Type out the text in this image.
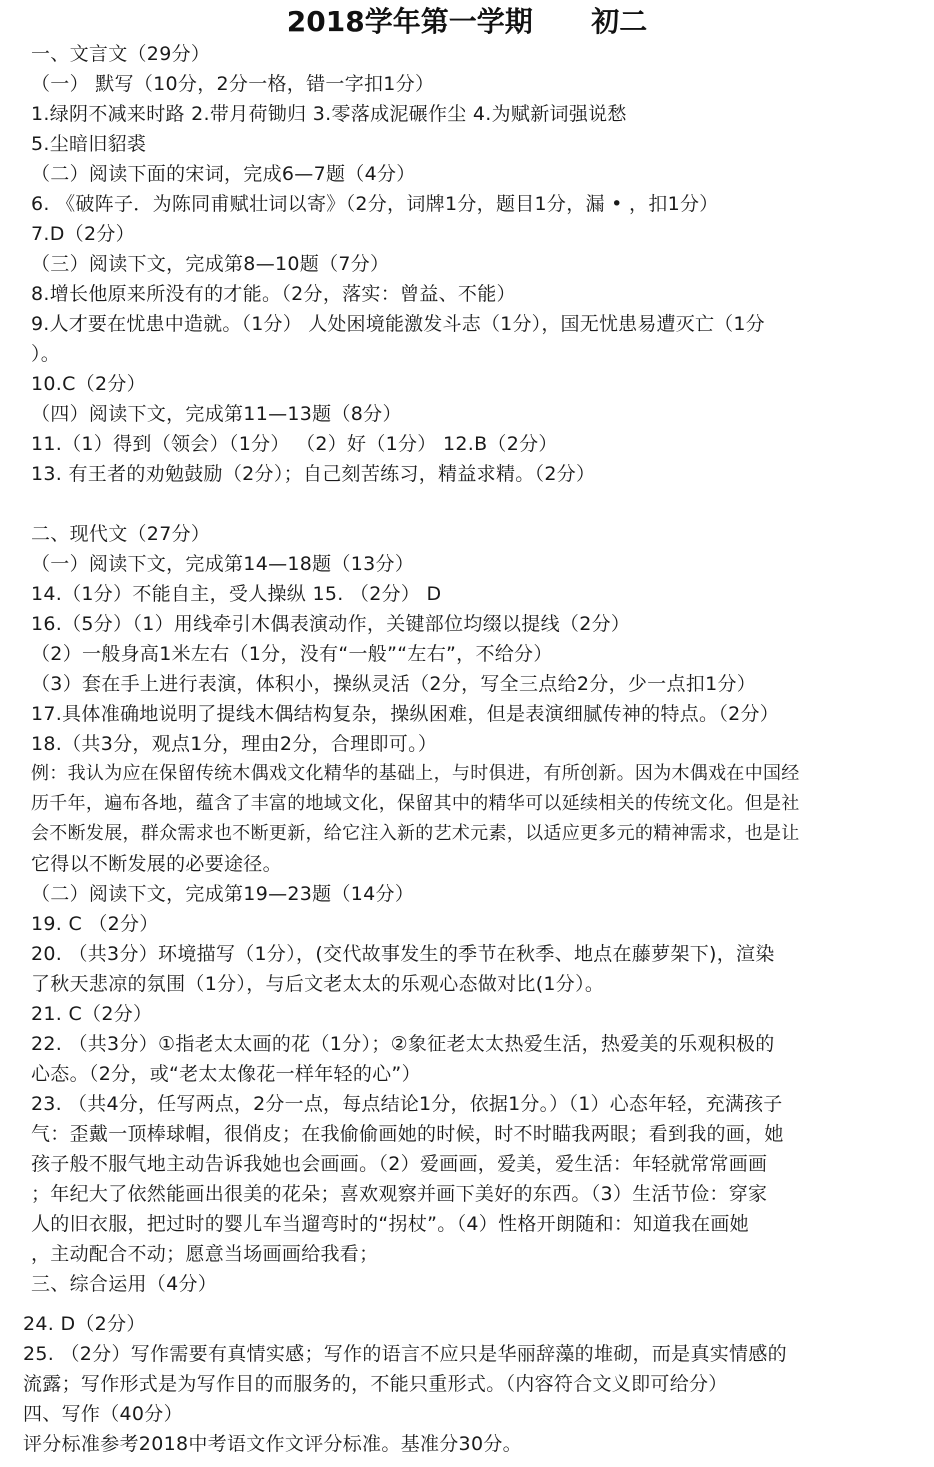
2018学年第一学期      初二
一、文言文（29分）
（一） 默写（10分，2分一格，错一字扣1分）
1.绿阴不减来时路 2.带月荷锄归 3.零落成泥碾作尘 4.为赋新词强说愁
5.尘暗旧貂裘
（二）阅读下面的宋词，完成6—7题（4分）
6. 《破阵子．为陈同甫赋壮词以寄》（2分，词牌1分，题目1分，漏 • ，扣1分）
7.D（2分）
（三）阅读下文，完成第8—10题（7分）
8.增长他原来所没有的才能。（2分，落实：曾益、不能）
9.人才要在忧患中造就。（1分） 人处困境能激发斗志（1分），国无忧患易遭灭亡（1分
）。
10.C（2分）
（四）阅读下文，完成第11—13题（8分）
11.（1）得到（领会）（1分） （2）好（1分） 12.B（2分）
13. 有王者的劝勉鼓励（2分）；自己刻苦练习，精益求精。（2分）
二、现代文（27分）
（一）阅读下文，完成第14—18题（13分）
14.（1分）不能自主，受人操纵 15. （2分） D
16.（5分）（1）用线牵引木偶表演动作，关键部位均缀以提线（2分）
（2）一般身高1米左右（1分，没有“一般”“左右”，不给分）
（3）套在手上进行表演，体积小，操纵灵活（2分，写全三点给2分，少一点扣1分）
17.具体准确地说明了提线木偶结构复杂，操纵困难，但是表演细腻传神的特点。（2分）
18.（共3分，观点1分，理由2分，合理即可。）
例：我认为应在保留传统木偶戏文化精华的基础上，与时俱进，有所创新。因为木偶戏在中国经
历千年，遍布各地，蕴含了丰富的地域文化，保留其中的精华可以延续相关的传统文化。但是社
会不断发展，群众需求也不断更新，给它注入新的艺术元素，以适应更多元的精神需求，也是让
它得以不断发展的必要途径。
（二）阅读下文，完成第19—23题（14分）
19. C （2分）
20. （共3分）环境描写（1分），(交代故事发生的季节在秋季、地点在藤萝架下)，渲染
了秋天悲凉的氛围（1分），与后文老太太的乐观心态做对比(1分）。
21. C（2分）
22. （共3分）①指老太太画的花（1分）；②象征老太太热爱生活，热爱美的乐观积极的
心态。（2分，或“老太太像花一样年轻的心”）
23. （共4分，任写两点，2分一点，每点结论1分，依据1分。）（1）心态年轻，充满孩子
气：歪戴一顶棒球帽，很俏皮；在我偷偷画她的时候，时不时瞄我两眼；看到我的画，她
孩子般不服气地主动告诉我她也会画画。（2）爱画画，爱美，爱生活：年轻就常常画画
；年纪大了依然能画出很美的花朵；喜欢观察并画下美好的东西。（3）生活节俭：穿家
人的旧衣服，把过时的婴儿车当遛弯时的“拐杖”。（4）性格开朗随和：知道我在画她
，主动配合不动；愿意当场画画给我看；
三、综合运用（4分）
24. D（2分）
25. （2分）写作需要有真情实感；写作的语言不应只是华丽辞藻的堆砌，而是真实情感的
流露；写作形式是为写作目的而服务的，不能只重形式。（内容符合文义即可给分）
四、写作（40分）
评分标准参考2018中考语文作文评分标准。基准分30分。
